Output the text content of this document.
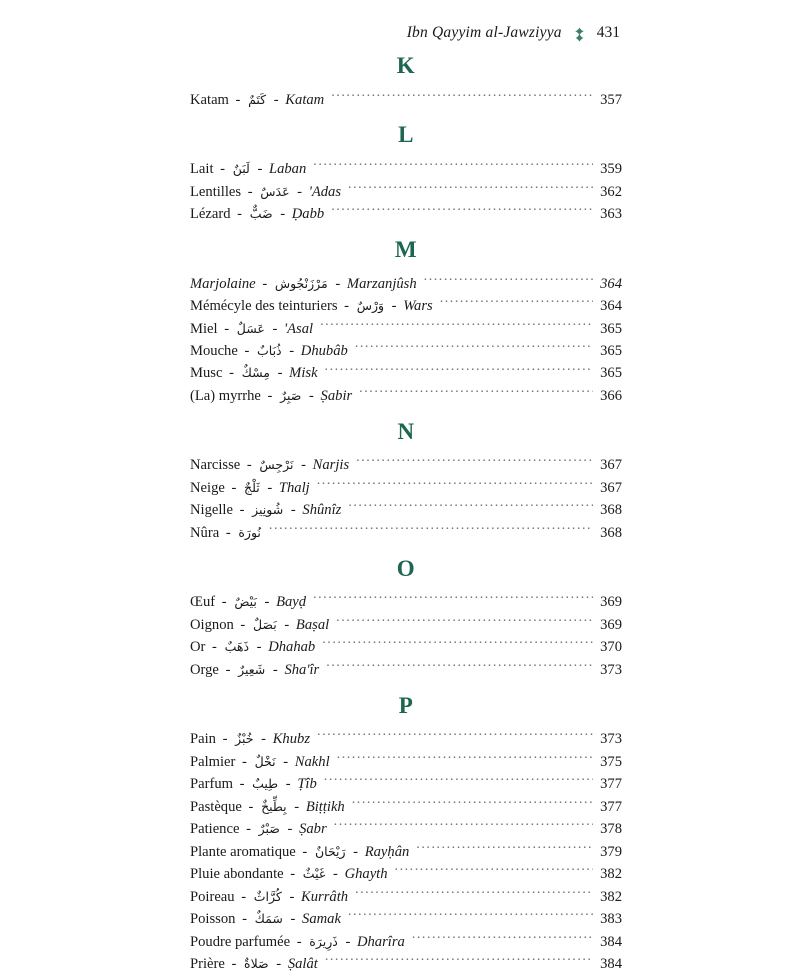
Ibn Qayyim al-Jawziyya 431
K
Katam - كَتَمٌ - Katam .....	357
L
Lait - لَبَنٌ - Laban .....	359
Lentilles - عَدَسٌ - 'Adas .....	362
Lézard - ضَبٌّ - Ḍabb .....	363
M
Marjolaine - مَرْزَنْجُوش - Marzanjûsh .....	364
Mémécyle des teinturiers - وَرْسٌ - Wars .....	364
Miel - عَسَلٌ - 'Asal .....	365
Mouche - ذُبَابٌ - Dhubâb .....	365
Musc - مِسْكٌ - Misk .....	365
(La) myrrhe - صَبِرٌ - Ṣabir .....	366
N
Narcisse - نَرْجِسٌ - Narjis .....	367
Neige - ثَلْجٌ - Thalj .....	367
Nigelle - شُونِيز - Shûnîz .....	368
Nûra - نُورَة .....	368
O
Œuf - بَيْضٌ - Bayḍ .....	369
Oignon - بَصَلٌ - Baṣal .....	369
Or - ذَهَبٌ - Dhahab .....	370
Orge - شَعِيرٌ - Sha'îr .....	373
P
Pain - خُبْزٌ - Khubz .....	373
Palmier - نَخْلٌ - Nakhl .....	375
Parfum - طِيبٌ - Ṭîb .....	377
Pastèque - بِطِّيخٌ - Biṭṭikh .....	377
Patience - صَبْرٌ - Ṣabr .....	378
Plante aromatique - رَيْحَانٌ - Rayḥân .....	379
Pluie abondante - غَيْثٌ - Ghayth .....	382
Poireau - كُرَّاثٌ - Kurrâth .....	382
Poisson - سَمَكٌ - Samak .....	383
Poudre parfumée - ذَرِيرَة - Dharîra .....	384
Prière - صَلاةٌ - Ṣalât .....	384
